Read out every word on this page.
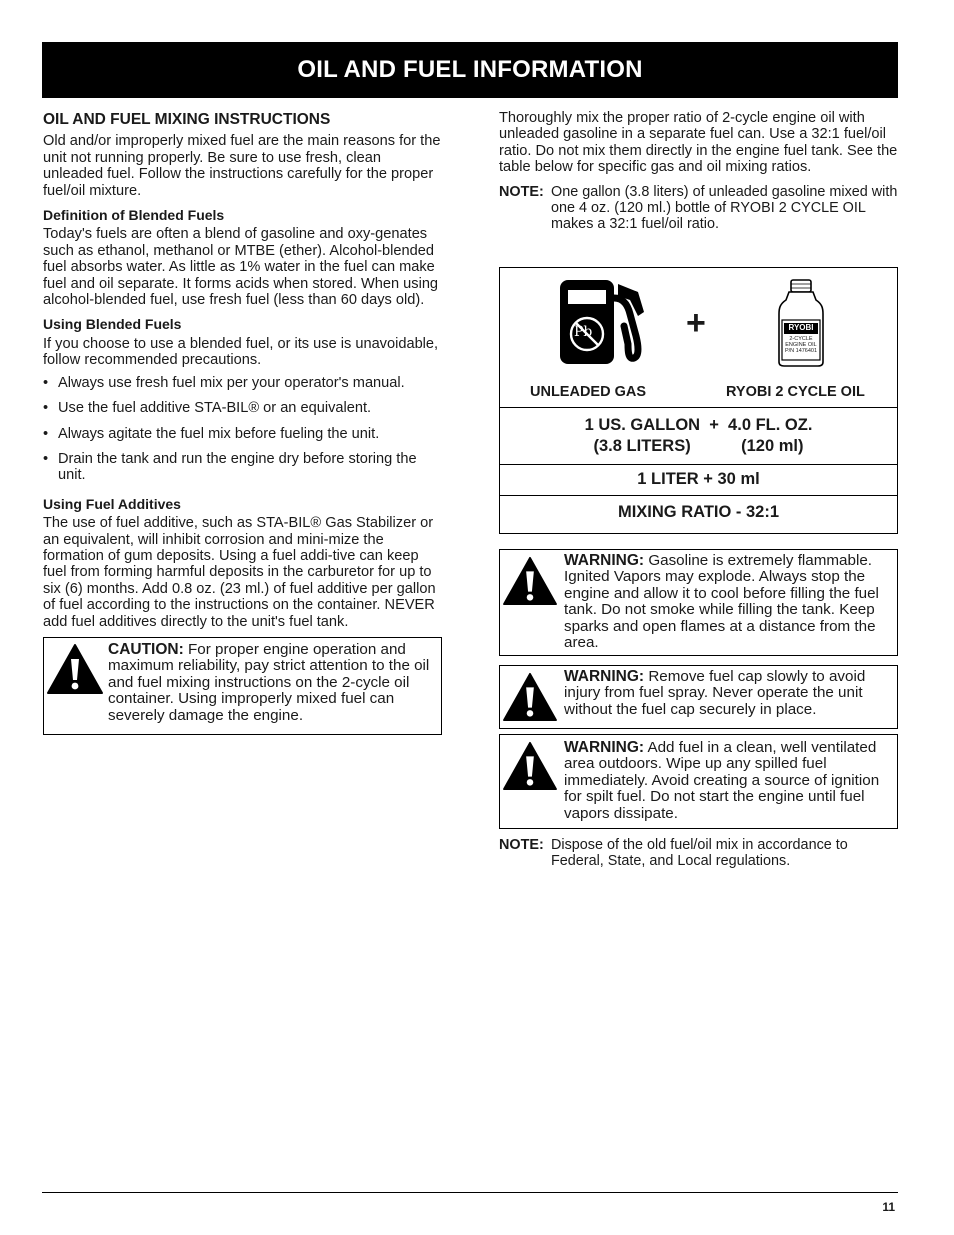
OIL AND FUEL INFORMATION

OIL AND FUEL MIXING INSTRUCTIONS

Old and/or improperly mixed fuel are the main reasons for the unit not running properly. Be sure to use fresh, clean unleaded fuel. Follow the instructions carefully for the proper fuel/oil mixture.

Definition of Blended Fuels

Today's fuels are often a blend of gasoline and oxy-genates such as ethanol, methanol or MTBE (ether). Alcohol-blended fuel absorbs water. As little as 1% water in the fuel can make fuel and oil separate. It forms acids when stored. When using alcohol-blended fuel, use fresh fuel (less than 60 days old).

Using Blended Fuels

If you choose to use a blended fuel, or its use is unavoidable, follow recommended precautions.

• Always use fresh fuel mix per your operator's manual.
• Use the fuel additive STA-BIL® or an equivalent.
• Always agitate the fuel mix before fueling the unit.
• Drain the tank and run the engine dry before storing the unit.

Using Fuel Additives

The use of fuel additive, such as STA-BIL® Gas Stabilizer or an equivalent, will inhibit corrosion and mini-mize the formation of gum deposits. Using a fuel addi-tive can keep fuel from forming harmful deposits in the carburetor for up to six (6) months. Add 0.8 oz. (23 ml.) of fuel additive per gallon of fuel according to the instructions on the container. NEVER add fuel additives directly to the unit's fuel tank.

CAUTION: For proper engine operation and maximum reliability, pay strict attention to the oil and fuel mixing instructions on the 2-cycle oil container. Using improperly mixed fuel can severely damage the engine.

Thoroughly mix the proper ratio of 2-cycle engine oil with unleaded gasoline in a separate fuel can. Use a 32:1 fuel/oil ratio. Do not mix them directly in the engine fuel tank. See the table below for specific gas and oil mixing ratios.

NOTE: One gallon (3.8 liters) of unleaded gasoline mixed with one 4 oz. (120 ml.) bottle of RYOBI 2 CYCLE OIL makes a 32:1 fuel/oil ratio.
Pb	+	RYOBI
2-CYCLE
ENGINE OIL
P/N 1476401
UNLEADED GAS	RYOBI 2 CYCLE OIL
1 US. GALLON  +  4.0 FL. OZ.
(3.8 LITERS)           (120 ml)
1 LITER + 30 ml
MIXING RATIO - 32:1
WARNING: Gasoline is extremely flammable. Ignited Vapors may explode. Always stop the engine and allow it to cool before filling the fuel tank. Do not smoke while filling the tank. Keep sparks and open flames at a distance from the area.
WARNING: Remove fuel cap slowly to avoid injury from fuel spray. Never operate the unit without the fuel cap securely in place.
WARNING: Add fuel in a clean, well ventilated area outdoors. Wipe up any spilled fuel immediately. Avoid creating a source of ignition for spilt fuel. Do not start the engine until fuel vapors dissipate.
NOTE: Dispose of the old fuel/oil mix in accordance to Federal, State, and Local regulations.
11
